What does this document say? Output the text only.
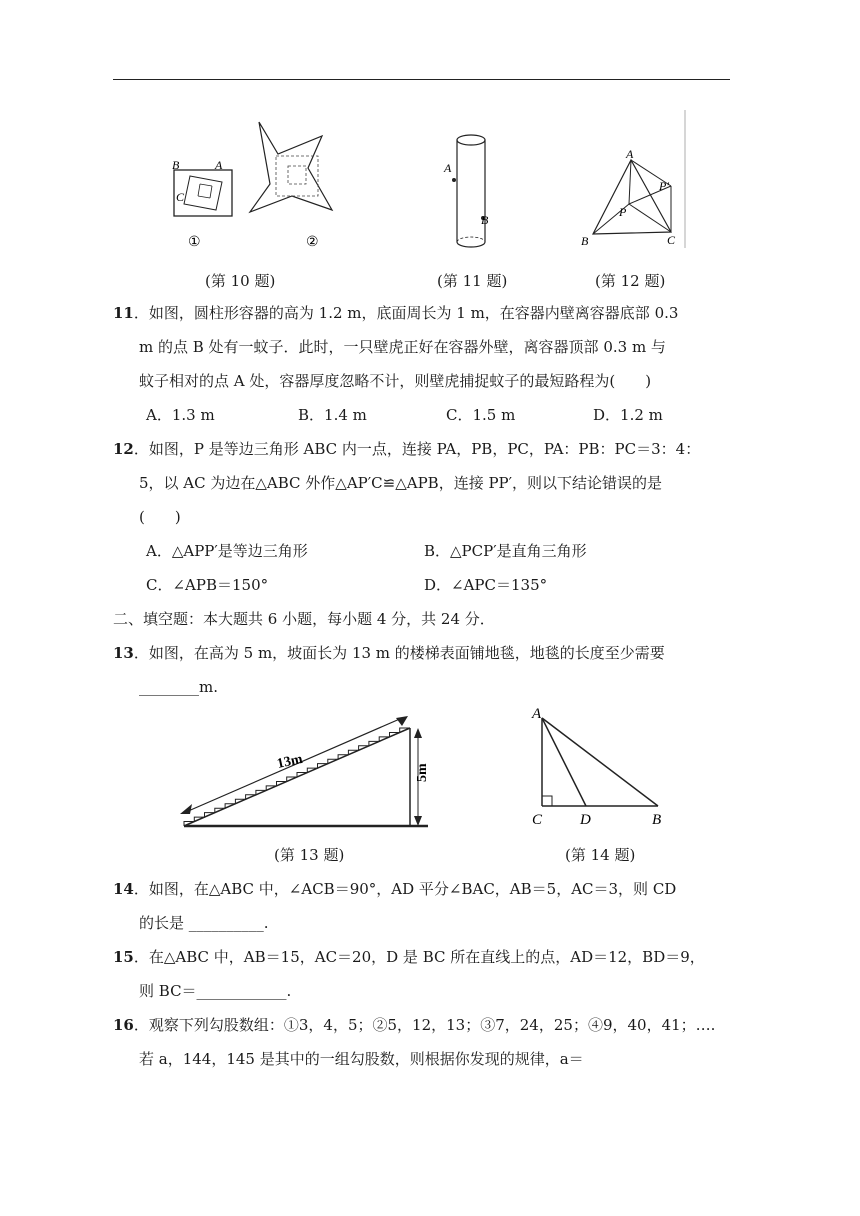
B	A
C
①	②
(第 10 题)
A
B
(第 11 题)
A
P′
P
B	C
(第 12 题)
11．如图，圆柱形容器的高为 1.2 m，底面周长为 1 m，在容器内壁离容器底部 0.3
m 的点 B 处有一蚊子．此时，一只壁虎正好在容器外壁，离容器顶部 0.3 m 与
蚊子相对的点 A 处，容器厚度忽略不计，则壁虎捕捉蚊子的最短路程为(　　)
A．1.3 m	B．1.4 m	C．1.5 m	D．1.2 m
12．如图，P 是等边三角形 ABC 内一点，连接 PA，PB，PC，PA：PB：PC＝3：4：
5，以 AC 为边在△ABC 外作△AP′C≌△APB，连接 PP′，则以下结论错误的是
(　　)
A．△APP′是等边三角形	B．△PCP′是直角三角形
C．∠APB＝150°	D．∠APC＝135°
二、填空题：本大题共 6 小题，每小题 4 分，共 24 分．
13．如图，在高为 5 m，坡面长为 13 m 的楼梯表面铺地毯，地毯的长度至少需要
________m.
13m
5m
(第 13 题)
A
C	D	B
(第 14 题)
14．如图，在△ABC 中，∠ACB＝90°，AD 平分∠BAC，AB＝5，AC＝3，则 CD
的长是 __________.
15．在△ABC 中，AB＝15，AC＝20，D 是 BC 所在直线上的点，AD＝12，BD＝9，
则 BC＝____________.
16．观察下列勾股数组：①3，4，5；②5，12，13；③7，24，25；④9，40，41；….
若 a，144，145 是其中的一组勾股数，则根据你发现的规律，a＝
